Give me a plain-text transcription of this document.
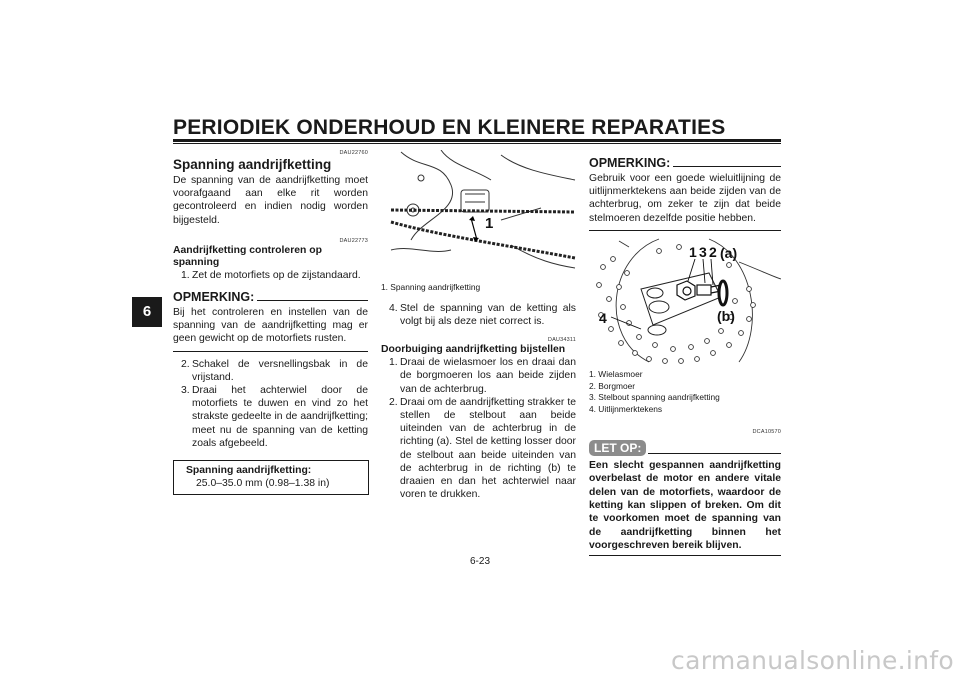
PERIODIEK ONDERHOUD EN KLEINERE REPARATIES
6
DAU22760
Spanning aandrijfketting

De spanning van de aandrijfketting moet voorafgaand aan elke rit worden gecontroleerd en indien nodig worden bijgesteld.

DAU22773
Aandrijfketting controleren op spanning
1. Zet de motorfiets op de zijstandaard.
OPMERKING:

Bij het controleren en instellen van de spanning van de aandrijfketting mag er geen gewicht op de motorfiets rusten.

2. Schakel de versnellingsbak in de vrijstand.
3. Draai het achterwiel door de motorfiets te duwen en vind zo het strakste gedeelte in de aandrijfketting; meet nu de spanning van de ketting zoals afgebeeld.
Spanning aandrijfketting:
25.0–35.0 mm (0.98–1.38 in)
1
1. Spanning aandrijfketting
4. Stel de spanning van de ketting als volgt bij als deze niet correct is.
DAU34311
Doorbuiging aandrijfketting bijstellen
1. Draai de wielasmoer los en draai dan de borgmoeren los aan beide zijden van de achterbrug.
2. Draai om de aandrijfketting strakker te stellen de stelbout aan beide uiteinden van de achterbrug in de richting (a). Stel de ketting losser door de stelbout aan beide uiteinden van de achterbrug in de richting (b) te draaien en dan het achterwiel naar voren te drukken.
OPMERKING:

Gebruik voor een goede wieluitlijning de uitlijnmerktekens aan beide zijden van de achterbrug, om zeker te zijn dat beide stelmoeren dezelfde positie hebben.

1 3 2 (a)
(b)
4
1. Wielasmoer
2. Borgmoer
3. Stelbout spanning aandrijfketting
4. Uitlijnmerktekens
DCA10570
LET OP:
Een slecht gespannen aandrijfketting overbelast de motor en andere vitale delen van de motorfiets, waardoor de ketting kan slippen of breken. Om dit te voorkomen moet de spanning van de aandrijfketting binnen het voorgeschreven bereik blijven.
6-23
carmanualsonline.info
